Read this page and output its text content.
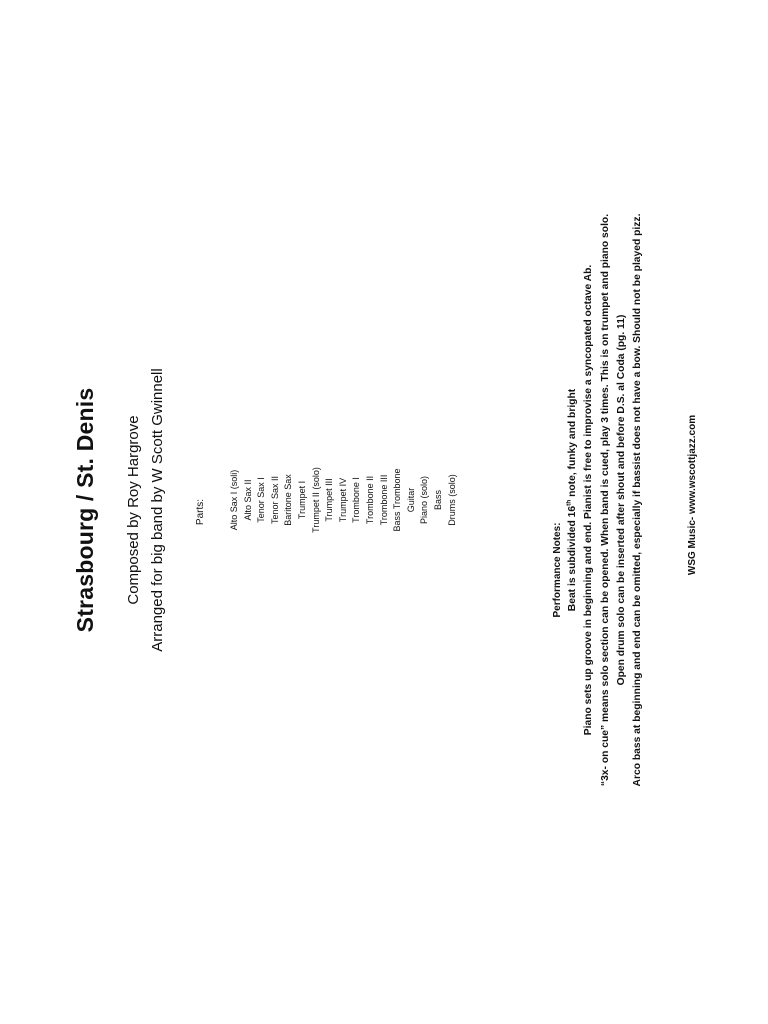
Strasbourg / St. Denis Composed by Roy Hargrove Arranged for big band by W Scott Gwinnell	Parts:	Alto Sax I (soli) Alto Sax II Tenor Sax I Tenor Sax II Baritone Sax Trumpet I Trumpet II (solo) Trumpet III Trumpet IV Trombone I Trombone II Trombone III Bass Trombone Guitar Piano (solo) Bass Drums (solo)
Performance Notes: Beat is subdivided 16th note, funky and bright Piano sets up groove in beginning and end. Pianist is free to improvise a syncopated octave Ab. “3x- on cue” means solo section can be opened. When band is cued, play 3 times. This is on trumpet and piano solo. Open drum solo can be inserted after shout and before D.S. al Coda (pg. 11) Arco bass at beginning and end can be omitted, especially if bassist does not have a bow. Should not be played pizz.	WSG Music- www.wscottjazz.com
